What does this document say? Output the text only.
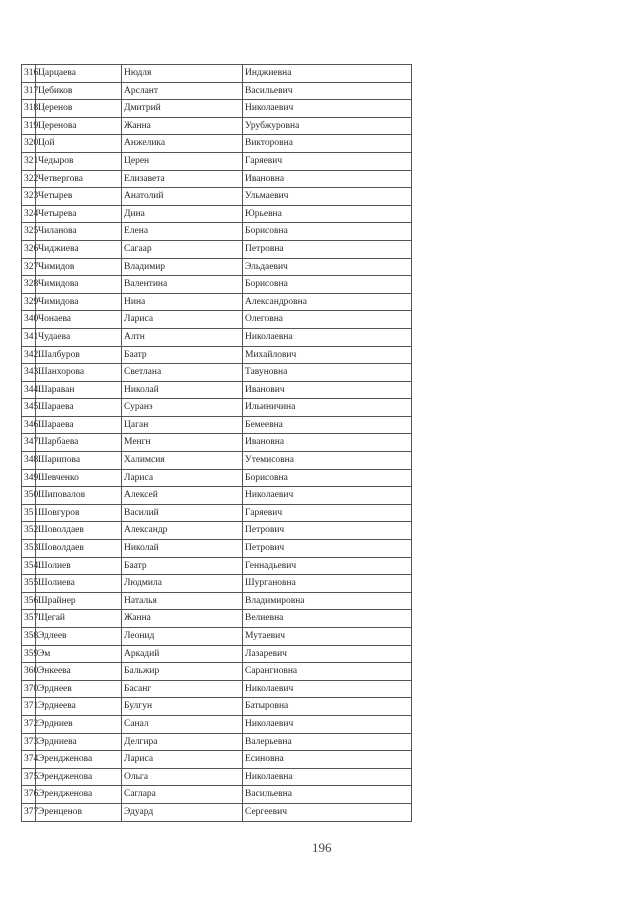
316	Царцаева	Нюдля	Инджиевна
317	Цебиков	Арслант	Васильевич
318	Церенов	Дмитрий	Николаевич
319	Церенова	Жанна	Урубжуровна
320	Цой	Анжелика	Викторовна
321	Чедыров	Церен	Гаряевич
322	Четвергова	Елизавета	Ивановна
323	Четырев	Анатолий	Ульмаевич
324	Четырева	Дина	Юрьевна
325	Чиланова	Елена	Борисовна
326	Чиджиева	Сагаар	Петровна
327	Чимидов	Владимир	Эльдаевич
328	Чимидова	Валентина	Борисовна
329	Чимидова	Нина	Александровна
340	Чонаева	Лариса	Олеговна
341	Чудаева	Алтн	Николаевна
342	Шалбуров	Баатр	Михайлович
343	Шанхорова	Светлана	Тавуновна
344	Шараван	Николай	Иванович
345	Шараева	Суранз	Ильиничина
346	Шараева	Цаган	Бемеевна
347	Шарбаева	Менгн	Ивановна
348	Шарипова	Халимсия	Утемисовна
349	Шевченко	Лариса	Борисовна
350	Шиповалов	Алексей	Николаевич
351	Шовгуров	Василий	Гаряевич
352	Шоволдаев	Александр	Петрович
353	Шоволдаев	Николай	Петрович
354	Шолиев	Баатр	Геннадьевич
355	Шолиева	Людмила	Шургановна
356	Шрайнер	Наталья	Владимировна
357	Щегай	Жанна	Велиевна
358	Эдлеев	Леонид	Мутаевич
359	Эм	Аркадий	Лазаревич
360	Энкеева	Бальжир	Сарангиовна
370	Эрднеев	Басанг	Николаевич
371	Эрднеева	Булгун	Батыровна
372	Эрдниев	Санал	Николаевич
373	Эрдниева	Делгира	Валерьевна
374	Эрендженова	Лариса	Есиновна
375	Эрендженова	Ольга	Николаевна
376	Эрендженова	Саглара	Васильевна
377	Эренценов	Эдуард	Сергеевич
196
